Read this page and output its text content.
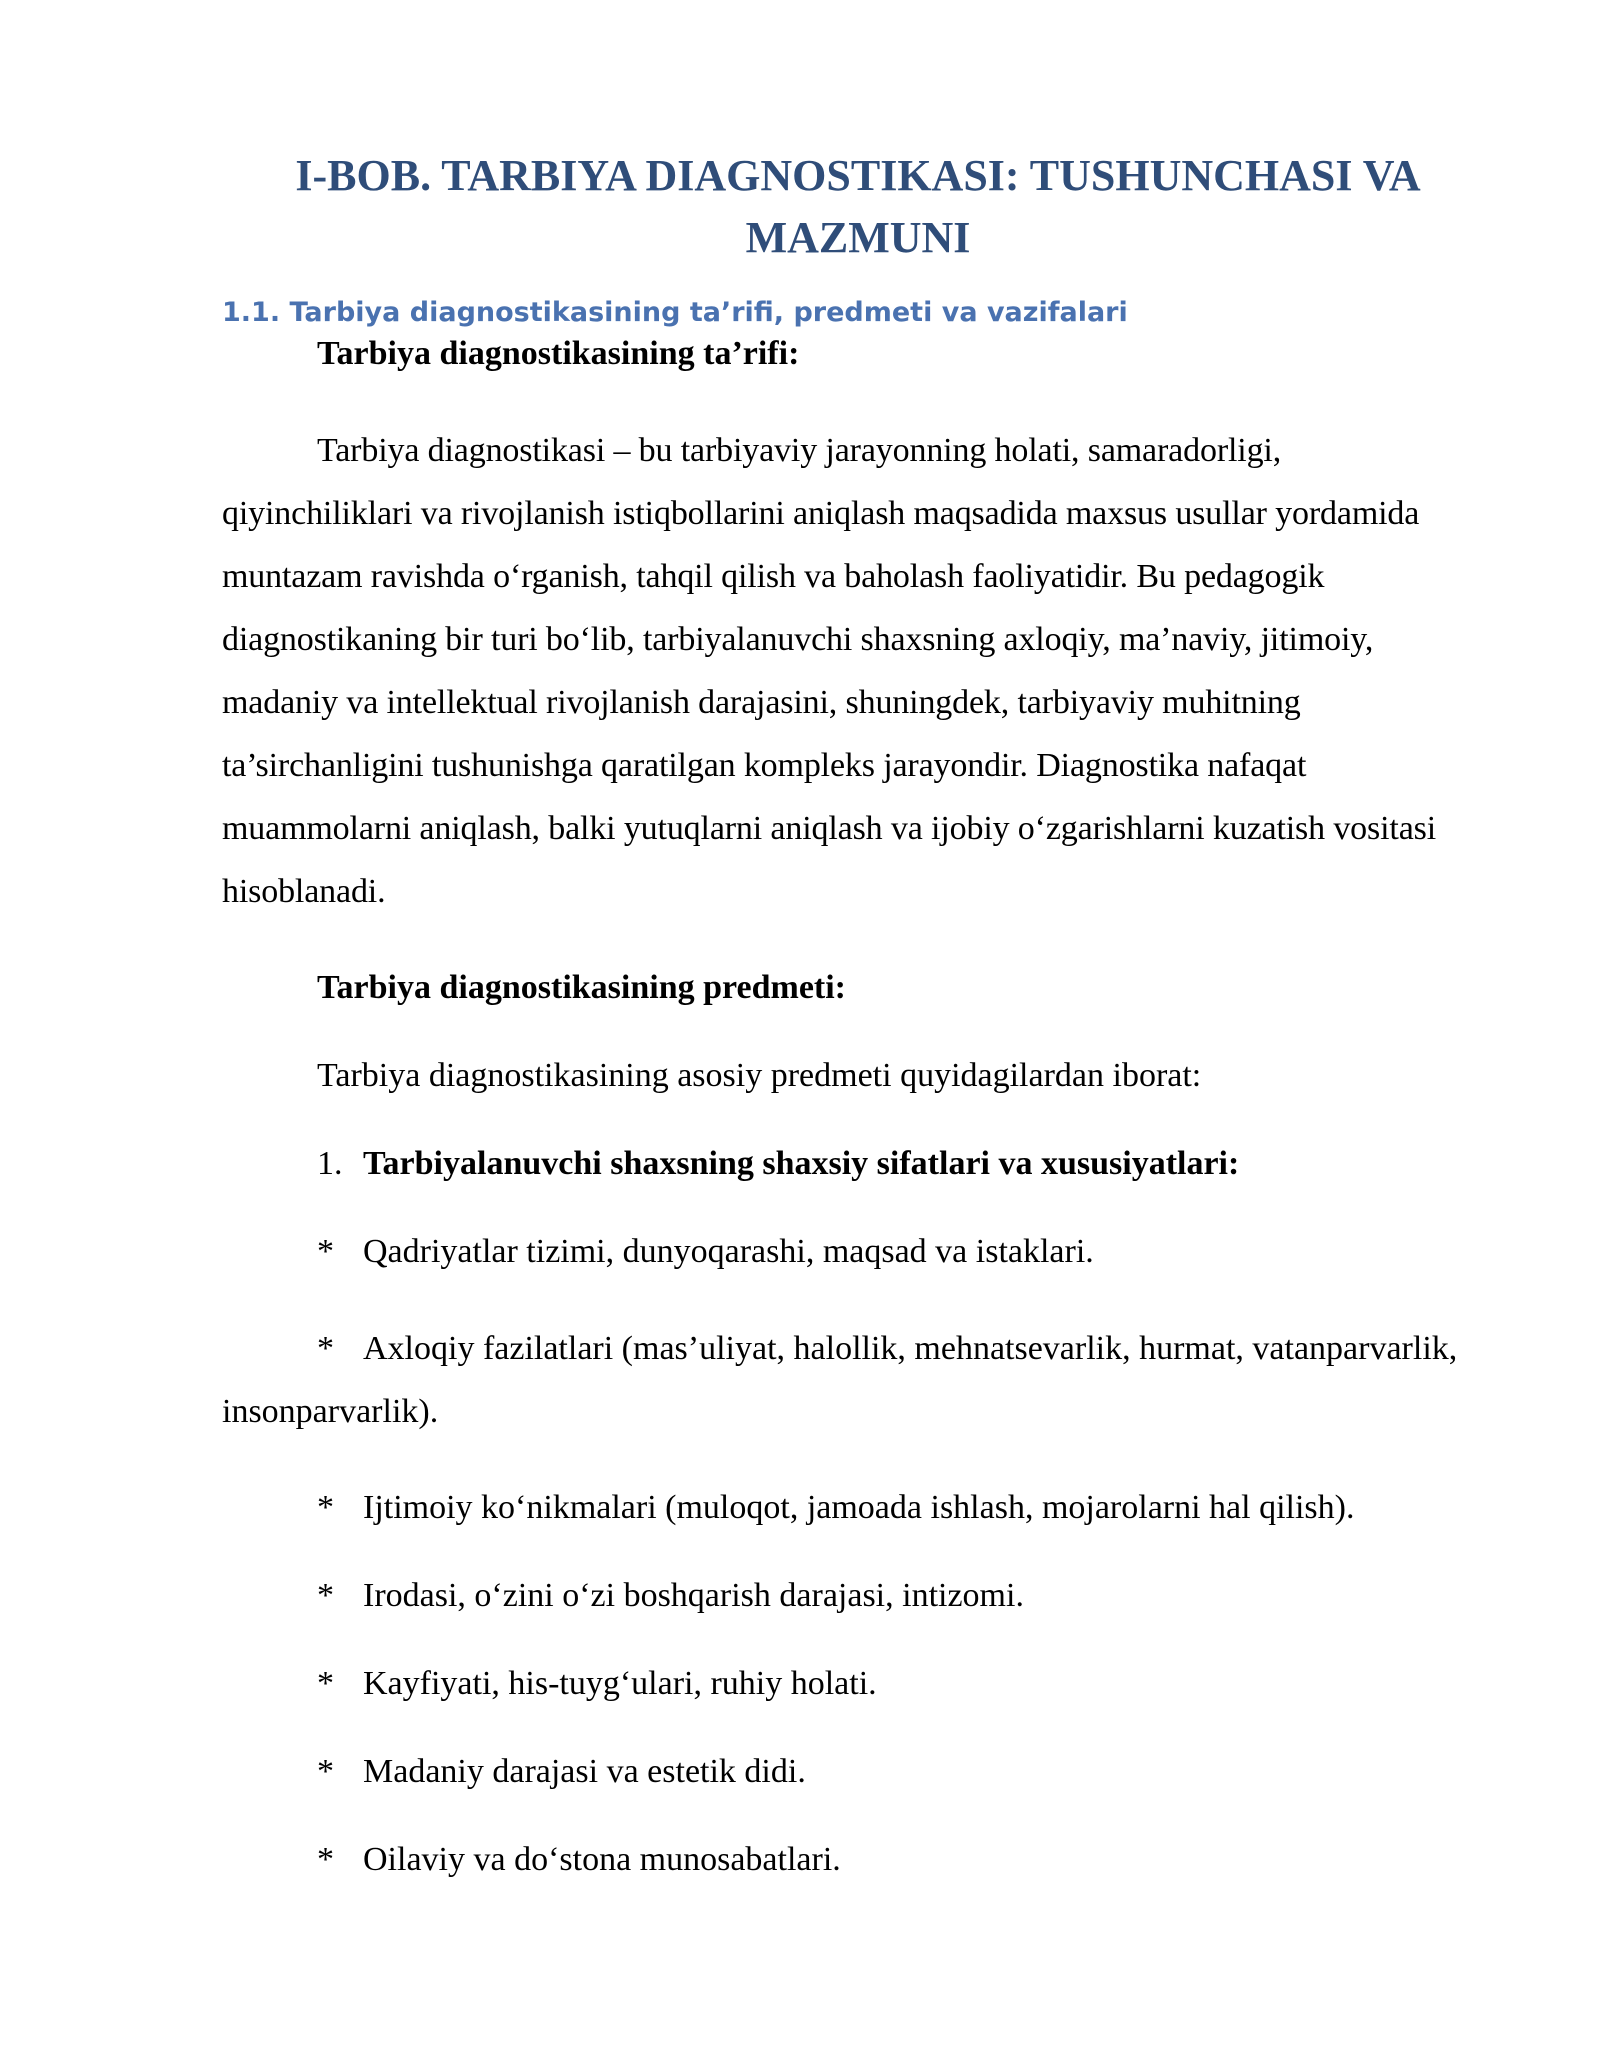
I-BOB. TARBIYA DIAGNOSTIKASI: TUSHUNCHASI VA MAZMUNI
1.1. Tarbiya diagnostikasining ta’rifi, predmeti va vazifalari

Tarbiya diagnostikasining ta’rifi:

Tarbiya diagnostikasi – bu tarbiyaviy jarayonning holati, samaradorligi, qiyinchiliklari va rivojlanish istiqbollarini aniqlash maqsadida maxsus usullar yordamida muntazam ravishda o‘rganish, tahqil qilish va baholash faoliyatidir. Bu pedagogik diagnostikaning bir turi bo‘lib, tarbiyalanuvchi shaxsning axloqiy, ma’naviy, jitimoiy, madaniy va intellektual rivojlanish darajasini, shuningdek, tarbiyaviy muhitning ta’sirchanligini tushunishga qaratilgan kompleks jarayondir. Diagnostika nafaqat muammolarni aniqlash, balki yutuqlarni aniqlash va ijobiy o‘zgarishlarni kuzatish vositasi hisoblanadi.

Tarbiya diagnostikasining predmeti:

Tarbiya diagnostikasining asosiy predmeti quyidagilardan iborat:

1. Tarbiyalanuvchi shaxsning shaxsiy sifatlari va xususiyatlari:

* Qadriyatlar tizimi, dunyoqarashi, maqsad va istaklari.

* Axloqiy fazilatlari (mas’uliyat, halollik, mehnatsevarlik, hurmat, vatanparvarlik, insonparvarlik).

* Ijtimoiy ko‘nikmalari (muloqot, jamoada ishlash, mojarolarni hal qilish).

* Irodasi, o‘zini o‘zi boshqarish darajasi, intizomi.

* Kayfiyati, his-tuyg‘ulari, ruhiy holati.

* Madaniy darajasi va estetik didi.

* Oilaviy va do‘stona munosabatlari.
